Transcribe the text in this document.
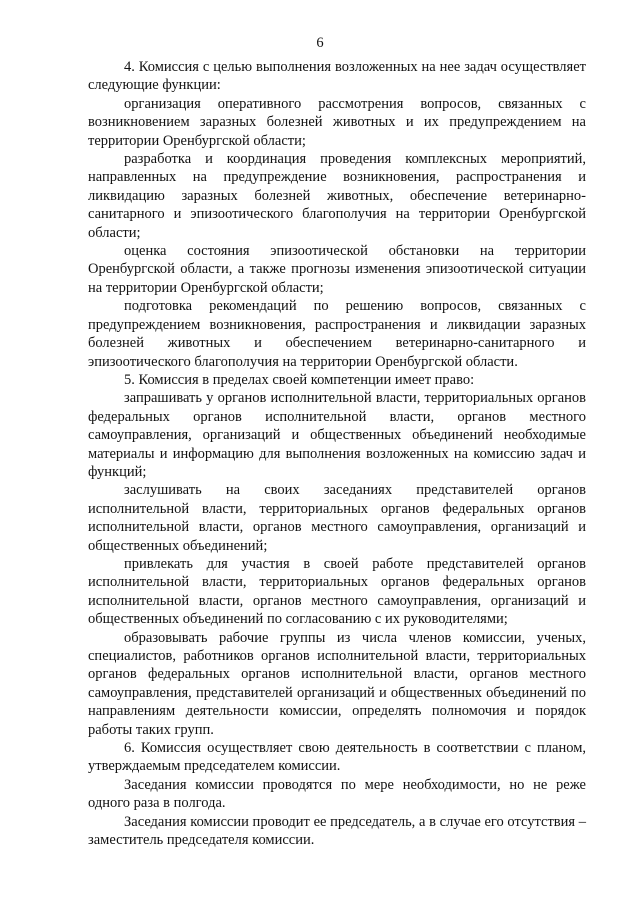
6

4. Комиссия с целью выполнения возложенных на нее задач осуществляет следующие функции:

организация оперативного рассмотрения вопросов, связанных с возникновением заразных болезней животных и их предупреждением на территории Оренбургской области;

разработка и координация проведения комплексных мероприятий, направленных на предупреждение возникновения, распространения и ликвидацию заразных болезней животных, обеспечение ветеринарно-санитарного и эпизоотического благополучия на территории Оренбургской области;

оценка состояния эпизоотической обстановки на территории Оренбургской области, а также прогнозы изменения эпизоотической ситуации на территории Оренбургской области;

подготовка рекомендаций по решению вопросов, связанных с предупреждением возникновения, распространения и ликвидации заразных болезней животных и обеспечением ветеринарно-санитарного и эпизоотического благополучия на территории Оренбургской области.

5. Комиссия в пределах своей компетенции имеет право:

запрашивать у органов исполнительной власти, территориальных органов федеральных органов исполнительной власти, органов местного самоуправления, организаций и общественных объединений необходимые материалы и информацию для выполнения возложенных на комиссию задач и функций;

заслушивать на своих заседаниях представителей органов исполнительной власти, территориальных органов федеральных органов исполнительной власти, органов местного самоуправления, организаций и общественных объединений;

привлекать для участия в своей работе представителей органов исполнительной власти, территориальных органов федеральных органов исполнительной власти, органов местного самоуправления, организаций и общественных объединений по согласованию с их руководителями;

образовывать рабочие группы из числа членов комиссии, ученых, специалистов, работников органов исполнительной власти, территориальных органов федеральных органов исполнительной власти, органов местного самоуправления, представителей организаций и общественных объединений по направлениям деятельности комиссии, определять полномочия и порядок работы таких групп.

6. Комиссия осуществляет свою деятельность в соответствии с планом, утверждаемым председателем комиссии.

Заседания комиссии проводятся по мере необходимости, но не реже одного раза в полгода.

Заседания комиссии проводит ее председатель, а в случае его отсутствия – заместитель председателя комиссии.
